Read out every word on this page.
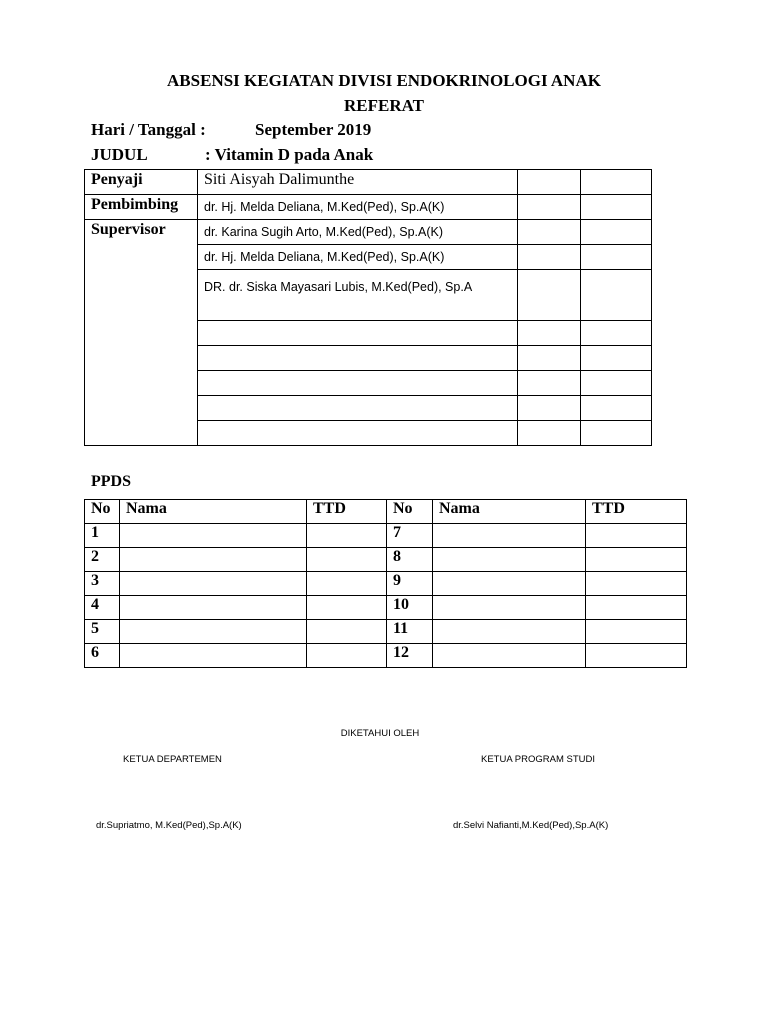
ABSENSI KEGIATAN DIVISI ENDOKRINOLOGI ANAK
REFERAT
Hari / Tanggal :	September 2019
JUDUL	: Vitamin D pada Anak
Penyaji	Siti Aisyah Dalimunthe		
Pembimbing	dr. Hj. Melda Deliana, M.Ked(Ped), Sp.A(K)		
Supervisor	dr. Karina Sugih Arto, M.Ked(Ped), Sp.A(K)		
	dr. Hj. Melda Deliana, M.Ked(Ped), Sp.A(K)		
	DR. dr. Siska Mayasari Lubis, M.Ked(Ped), Sp.A		

PPDS
No	Nama	TTD	No	Nama	TTD
1			7		
2			8		
3			9		
4			10		
5			11		
6			12		
DIKETAHUI OLEH
KETUA DEPARTEMEN	KETUA PROGRAM STUDI
dr.Supriatmo, M.Ked(Ped),Sp.A(K)	dr.Selvi Nafianti,M.Ked(Ped),Sp.A(K)
